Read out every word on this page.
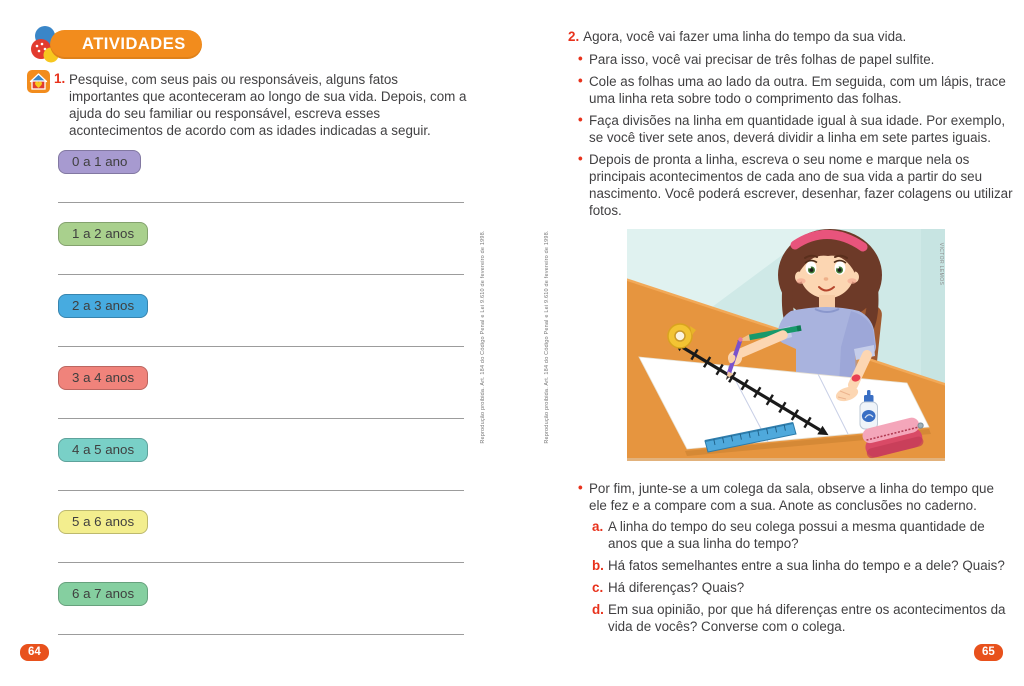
ATIVIDADES
1. Pesquise, com seus pais ou responsáveis, alguns fatos importantes que aconteceram ao longo de sua vida. Depois, com a ajuda do seu familiar ou responsável, escreva esses acontecimentos de acordo com as idades indicadas a seguir.
0 a 1 ano
1 a 2 anos
2 a 3 anos
3 a 4 anos
4 a 5 anos
5 a 6 anos
6 a 7 anos
Reprodução proibida. Art. 184 do Código Penal e Lei 9.610 de fevereiro de 1998.
64
2. Agora, você vai fazer uma linha do tempo da sua vida.
• Para isso, você vai precisar de três folhas de papel sulfite.
• Cole as folhas uma ao lado da outra. Em seguida, com um lápis, trace uma linha reta sobre todo o comprimento das folhas.
• Faça divisões na linha em quantidade igual à sua idade. Por exemplo, se você tiver sete anos, deverá dividir a linha em sete partes iguais.
• Depois de pronta a linha, escreva o seu nome e marque nela os principais acontecimentos de cada ano de sua vida a partir do seu nascimento. Você poderá escrever, desenhar, fazer colagens ou utilizar fotos.
VICTOR LEMOS
• Por fim, junte-se a um colega da sala, observe a linha do tempo que ele fez e a compare com a sua. Anote as conclusões no caderno.
a. A linha do tempo do seu colega possui a mesma quantidade de anos que a sua linha do tempo?
b. Há fatos semelhantes entre a sua linha do tempo e a dele? Quais?
c. Há diferenças? Quais?
d. Em sua opinião, por que há diferenças entre os acontecimentos da vida de vocês? Converse com o colega.
Reprodução proibida. Art. 184 do Código Penal e Lei 9.610 de fevereiro de 1998.
65
